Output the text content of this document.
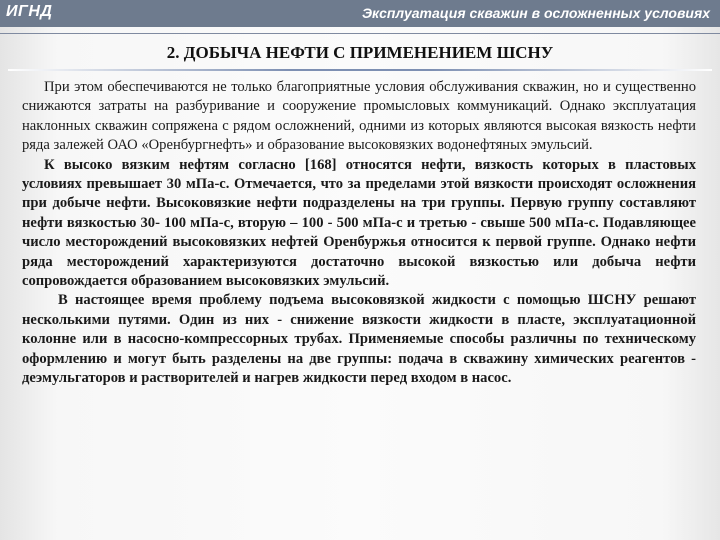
ИГНД	Эксплуатация скважин в осложненных условиях
2. ДОБЫЧА НЕФТИ С ПРИМЕНЕНИЕМ ШСНУ

При этом обеспечиваются не только благоприятные условия обслуживания скважин, но и существенно снижаются затраты на разбуривание и сооружение промысловых коммуникаций. Однако эксплуатация наклонных скважин сопряжена с рядом осложнений, одними из которых являются высокая вязкость нефти ряда залежей ОАО «Оренбургнефть» и образование высоковязких водонефтяных эмульсий.

К высоко вязким нефтям согласно [168] относятся нефти, вязкость которых в пластовых условиях превышает 30 мПа-с. Отмечается, что за пределами этой вязкости происходят осложнения при добыче нефти. Высоковязкие нефти подразделены на три группы. Первую группу составляют нефти вязкостью 30- 100 мПа-с, вторую – 100 - 500 мПа-с и третью - свыше 500 мПа-с. Подавляющее число месторождений высоковязких нефтей Оренбуржья относится к первой группе. Однако нефти ряда месторождений характеризуются достаточно высокой вязкостью или добыча нефти сопровождается образованием высоковязких эмульсий.

В настоящее время проблему подъема высоковязкой жидкости с помощью ШСНУ решают несколькими путями. Один из них - снижение вязкости жидкости в пласте, эксплуатационной колонне или в насосно-компрессорных трубах. Применяемые способы различны по техническому оформлению и могут быть разделены на две группы: подача в скважину химических реагентов - деэмульгаторов и растворителей и нагрев жидкости перед входом в насос.
